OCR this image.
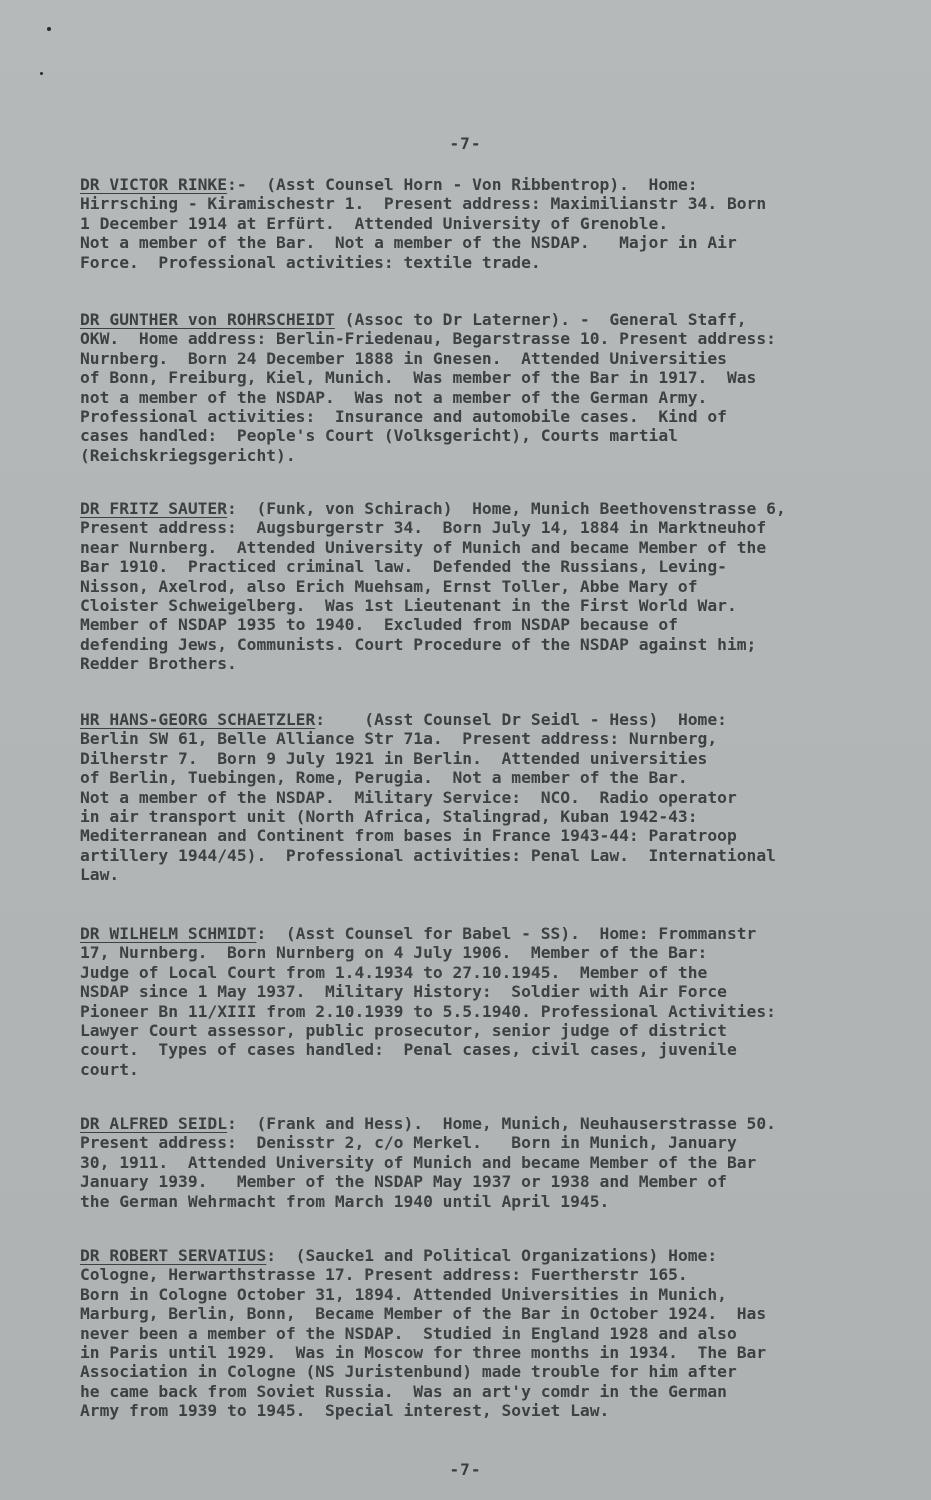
-7-
DR VICTOR RINKE:-  (Asst Counsel Horn - Von Ribbentrop).  Home:
Hirrsching - Kiramischestr 1.  Present address: Maximilianstr 34. Born
1 December 1914 at Erfürt.  Attended University of Grenoble.
Not a member of the Bar.  Not a member of the NSDAP.   Major in Air
Force.  Professional activities: textile trade.
DR GUNTHER von ROHRSCHEIDT (Assoc to Dr Laterner). -  General Staff,
OKW.  Home address: Berlin-Friedenau, Begarstrasse 10. Present address:
Nurnberg.  Born 24 December 1888 in Gnesen.  Attended Universities
of Bonn, Freiburg, Kiel, Munich.  Was member of the Bar in 1917.  Was
not a member of the NSDAP.  Was not a member of the German Army.
Professional activities:  Insurance and automobile cases.  Kind of
cases handled:  People's Court (Volksgericht), Courts martial
(Reichskriegsgericht).
DR FRITZ SAUTER:  (Funk, von Schirach)  Home, Munich Beethovenstrasse 6,
Present address:  Augsburgerstr 34.  Born July 14, 1884 in Marktneuhof
near Nurnberg.  Attended University of Munich and became Member of the
Bar 1910.  Practiced criminal law.  Defended the Russians, Leving-
Nisson, Axelrod, also Erich Muehsam, Ernst Toller, Abbe Mary of
Cloister Schweigelberg.  Was 1st Lieutenant in the First World War.
Member of NSDAP 1935 to 1940.  Excluded from NSDAP because of
defending Jews, Communists. Court Procedure of the NSDAP against him;
Redder Brothers.
HR HANS-GEORG SCHAETZLER:    (Asst Counsel Dr Seidl - Hess)  Home:
Berlin SW 61, Belle Alliance Str 71a.  Present address: Nurnberg,
Dilherstr 7.  Born 9 July 1921 in Berlin.  Attended universities
of Berlin, Tuebingen, Rome, Perugia.  Not a member of the Bar.
Not a member of the NSDAP.  Military Service:  NCO.  Radio operator
in air transport unit (North Africa, Stalingrad, Kuban 1942-43:
Mediterranean and Continent from bases in France 1943-44: Paratroop
artillery 1944/45).  Professional activities: Penal Law.  International
Law.
DR WILHELM SCHMIDT:  (Asst Counsel for Babel - SS).  Home: Frommanstr
17, Nurnberg.  Born Nurnberg on 4 July 1906.  Member of the Bar:
Judge of Local Court from 1.4.1934 to 27.10.1945.  Member of the
NSDAP since 1 May 1937.  Military History:  Soldier with Air Force
Pioneer Bn 11/XIII from 2.10.1939 to 5.5.1940. Professional Activities:
Lawyer Court assessor, public prosecutor, senior judge of district
court.  Types of cases handled:  Penal cases, civil cases, juvenile
court.
DR ALFRED SEIDL:  (Frank and Hess).  Home, Munich, Neuhauserstrasse 50.
Present address:  Denisstr 2, c/o Merkel.   Born in Munich, January
30, 1911.  Attended University of Munich and became Member of the Bar
January 1939.   Member of the NSDAP May 1937 or 1938 and Member of
the German Wehrmacht from March 1940 until April 1945.
DR ROBERT SERVATIUS:  (Saucke1 and Political Organizations) Home:
Cologne, Herwarthstrasse 17. Present address: Fuertherstr 165.
Born in Cologne October 31, 1894. Attended Universities in Munich,
Marburg, Berlin, Bonn,  Became Member of the Bar in October 1924.  Has
never been a member of the NSDAP.  Studied in England 1928 and also
in Paris until 1929.  Was in Moscow for three months in 1934.  The Bar
Association in Cologne (NS Juristenbund) made trouble for him after
he came back from Soviet Russia.  Was an art'y comdr in the German
Army from 1939 to 1945.  Special interest, Soviet Law.
-7-
